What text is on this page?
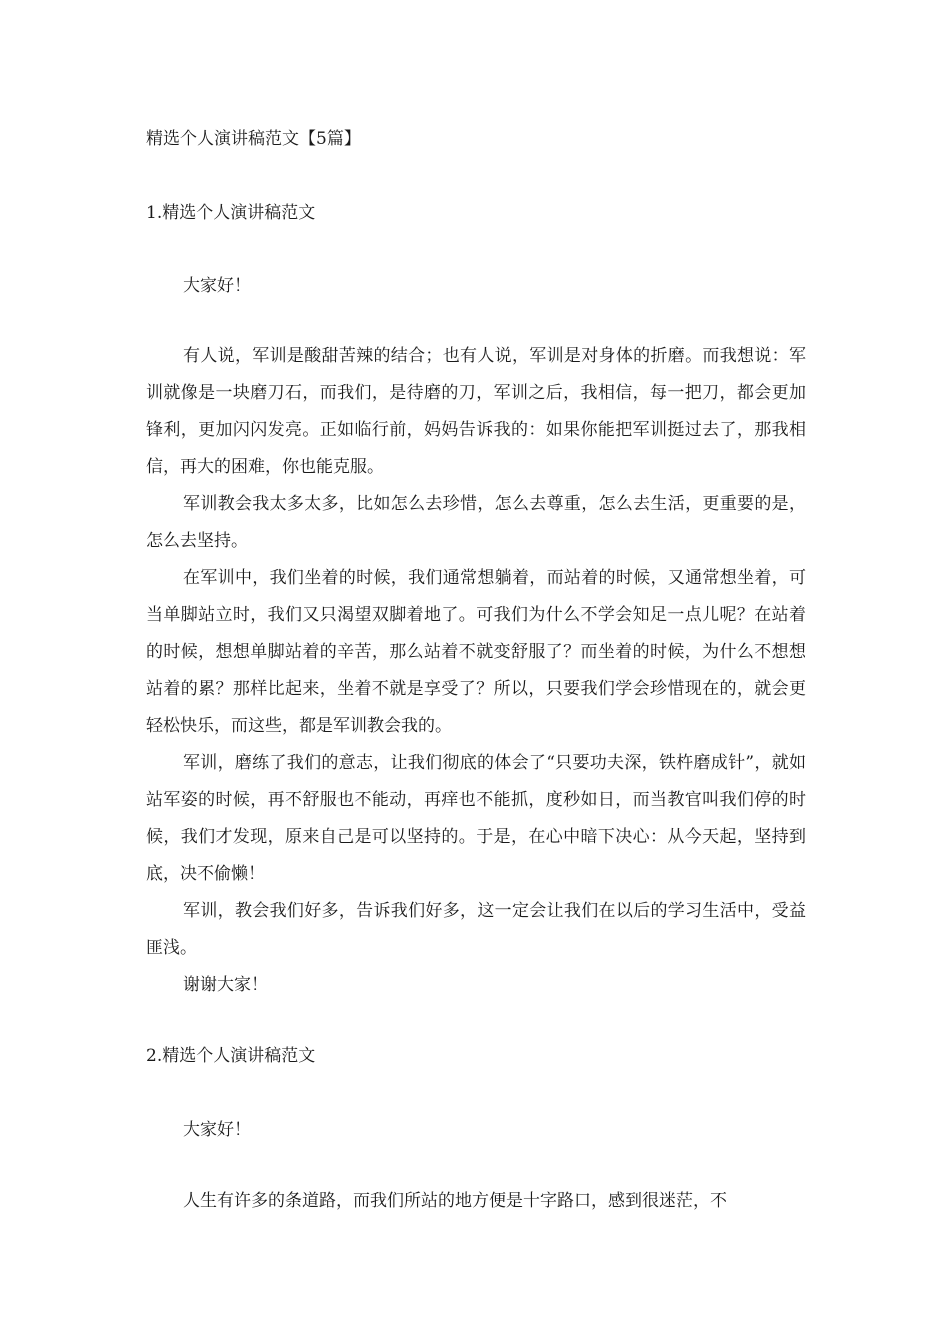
精选个人演讲稿范文【5篇】
1.精选个人演讲稿范文
大家好！

有人说，军训是酸甜苦辣的结合；也有人说，军训是对身体的折磨。而我想说：军训就像是一块磨刀石，而我们，是待磨的刀，军训之后，我相信，每一把刀，都会更加锋利，更加闪闪发亮。正如临行前，妈妈告诉我的：如果你能把军训挺过去了，那我相信，再大的困难，你也能克服。

军训教会我太多太多，比如怎么去珍惜，怎么去尊重，怎么去生活，更重要的是，怎么去坚持。

在军训中，我们坐着的时候，我们通常想躺着，而站着的时候，又通常想坐着，可当单脚站立时，我们又只渴望双脚着地了。可我们为什么不学会知足一点儿呢？在站着的时候，想想单脚站着的辛苦，那么站着不就变舒服了？而坐着的时候，为什么不想想站着的累？那样比起来，坐着不就是享受了？所以，只要我们学会珍惜现在的，就会更轻松快乐，而这些，都是军训教会我的。

军训，磨练了我们的意志，让我们彻底的体会了“只要功夫深，铁杵磨成针”，就如站军姿的时候，再不舒服也不能动，再痒也不能抓，度秒如日，而当教官叫我们停的时候，我们才发现，原来自己是可以坚持的。于是，在心中暗下决心：从今天起，坚持到底，决不偷懒！

军训，教会我们好多，告诉我们好多，这一定会让我们在以后的学习生活中，受益匪浅。

谢谢大家！

2.精选个人演讲稿范文
大家好！
人生有许多的条道路，而我们所站的地方便是十字路口，感到很迷茫，不
